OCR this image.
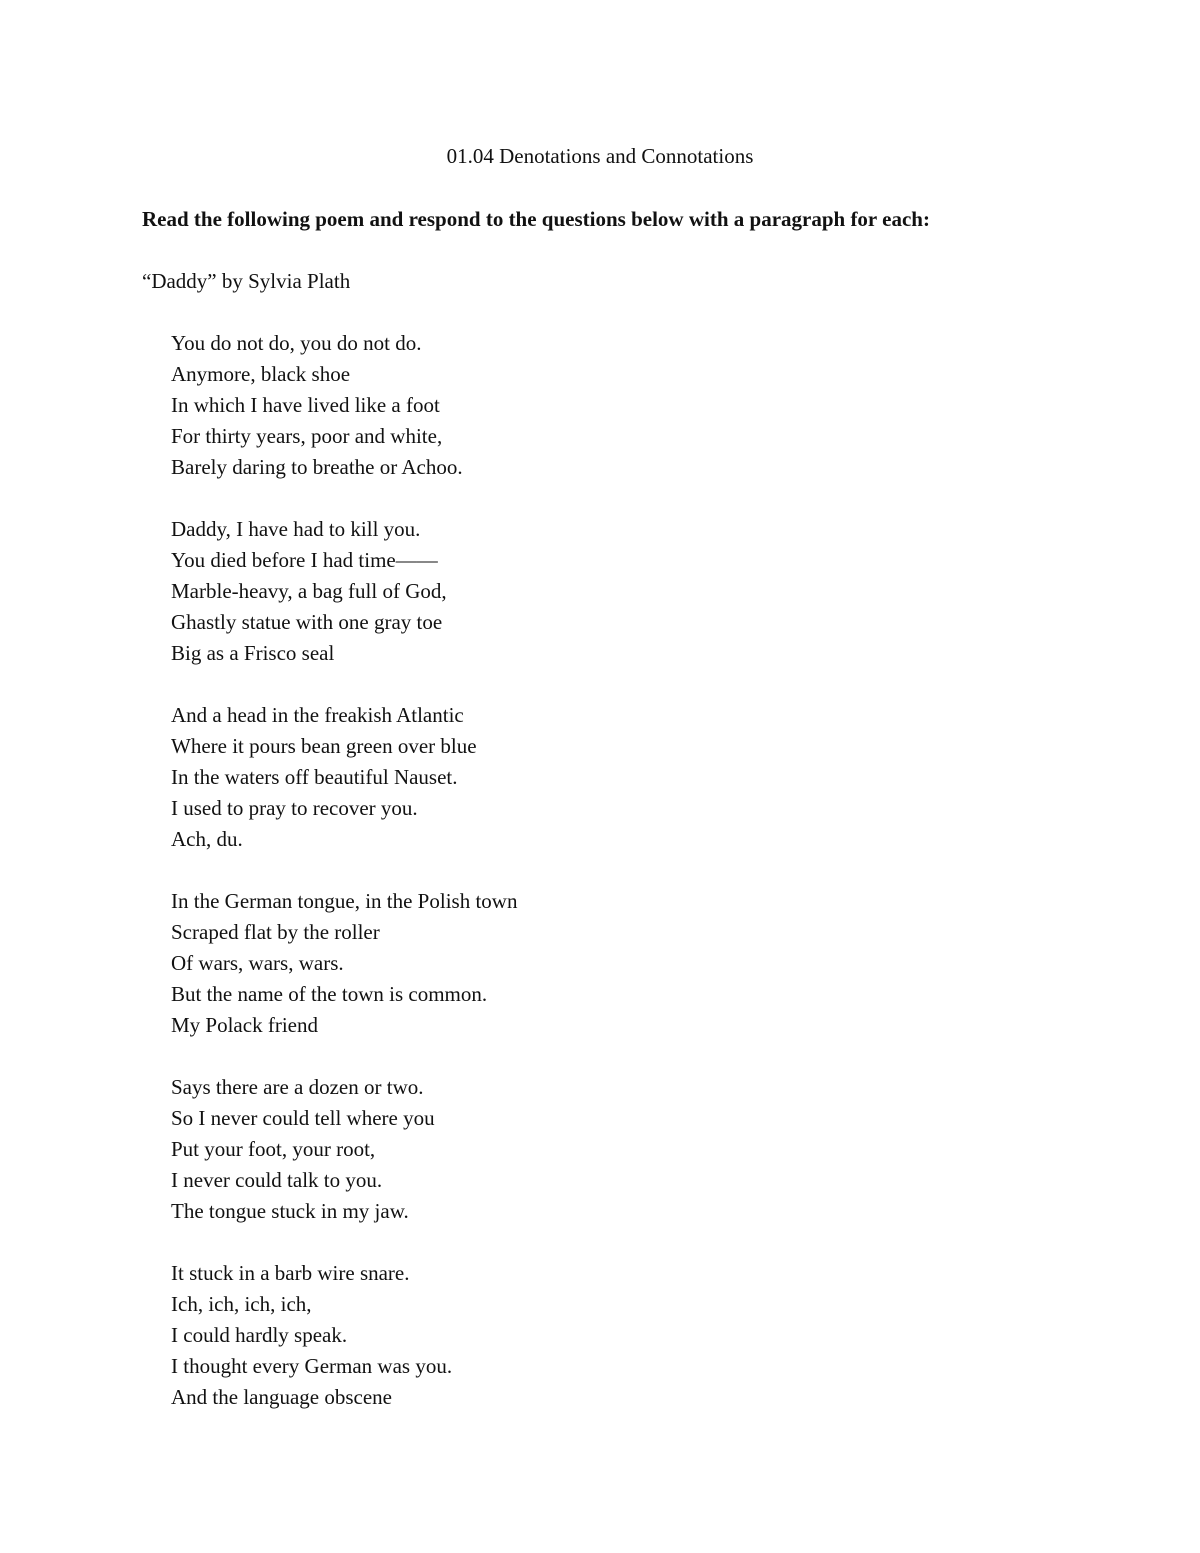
01.04 Denotations and Connotations

Read the following poem and respond to the questions below with a paragraph for each:

“Daddy” by Sylvia Plath

You do not do, you do not do.
Anymore, black shoe
In which I have lived like a foot
For thirty years, poor and white,
Barely daring to breathe or Achoo.
Daddy, I have had to kill you.
You died before I had time——
Marble-heavy, a bag full of God,
Ghastly statue with one gray toe
Big as a Frisco seal
And a head in the freakish Atlantic
Where it pours bean green over blue
In the waters off beautiful Nauset.
I used to pray to recover you.
Ach, du.
In the German tongue, in the Polish town
Scraped flat by the roller
Of wars, wars, wars.
But the name of the town is common.
My Polack friend
Says there are a dozen or two.
So I never could tell where you
Put your foot, your root,
I never could talk to you.
The tongue stuck in my jaw.
It stuck in a barb wire snare.
Ich, ich, ich, ich,
I could hardly speak.
I thought every German was you.
And the language obscene
